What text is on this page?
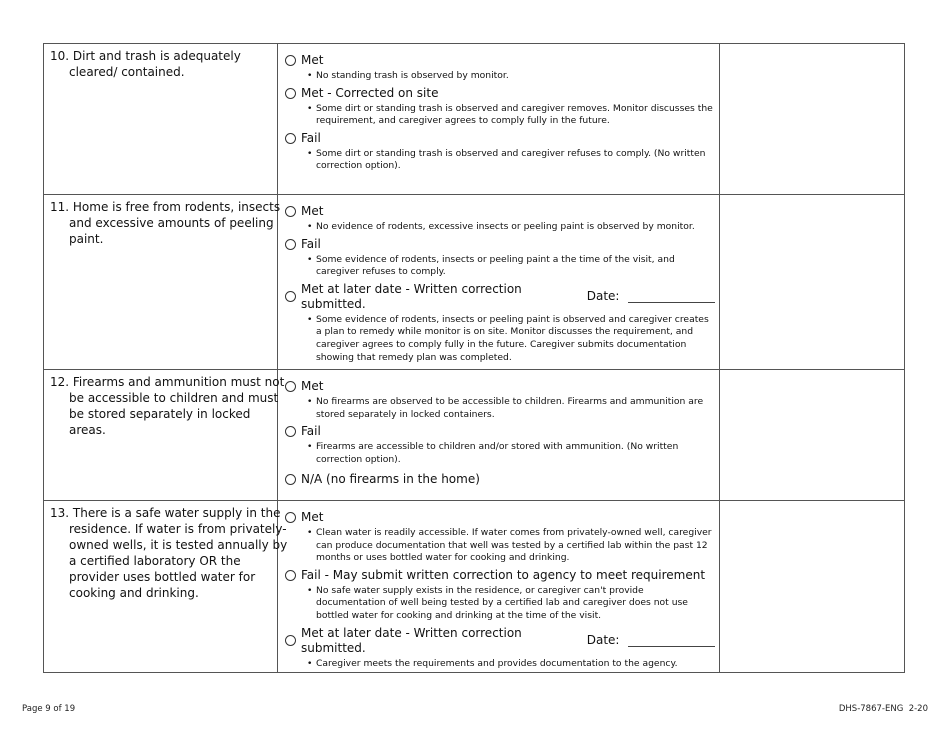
10. Dirt and trash is adequately cleared/ contained.
Met
• No standing trash is observed by monitor.
Met - Corrected on site
• Some dirt or standing trash is observed and caregiver removes. Monitor discusses the requirement, and caregiver agrees to comply fully in the future.
Fail
• Some dirt or standing trash is observed and caregiver refuses to comply. (No written correction option).
11. Home is free from rodents, insects and excessive amounts of peeling paint.
Met
• No evidence of rodents, excessive insects or peeling paint is observed by monitor.
Fail
• Some evidence of rodents, insects or peeling paint a the time of the visit, and caregiver refuses to comply.
Met at later date - Written correction submitted.

Date:
• Some evidence of rodents, insects or peeling paint is observed and caregiver creates a plan to remedy while monitor is on site. Monitor discusses the requirement, and caregiver agrees to comply fully in the future. Caregiver submits documentation showing that remedy plan was completed.
12. Firearms and ammunition must not be accessible to children and must be stored separately in locked areas.
Met
• No firearms are observed to be accessible to children. Firearms and ammunition are stored separately in locked containers.
Fail
• Firearms are accessible to children and/or stored with ammunition. (No written correction option).
N/A (no firearms in the home)
13. There is a safe water supply in the residence. If water is from privately-owned wells, it is tested annually by a certified laboratory OR the provider uses bottled water for cooking and drinking.
Met
• Clean water is readily accessible. If water comes from privately-owned well, caregiver can produce documentation that well was tested by a certified lab within the past 12 months or uses bottled water for cooking and drinking.
Fail - May submit written correction to agency to meet requirement
• No safe water supply exists in the residence, or caregiver can't provide documentation of well being tested by a certified lab and caregiver does not use bottled water for cooking and drinking at the time of the visit.
Met at later date - Written correction submitted.

Date:
• Caregiver meets the requirements and provides documentation to the agency.
Page 9 of 19	DHS-7867-ENG 2-20
